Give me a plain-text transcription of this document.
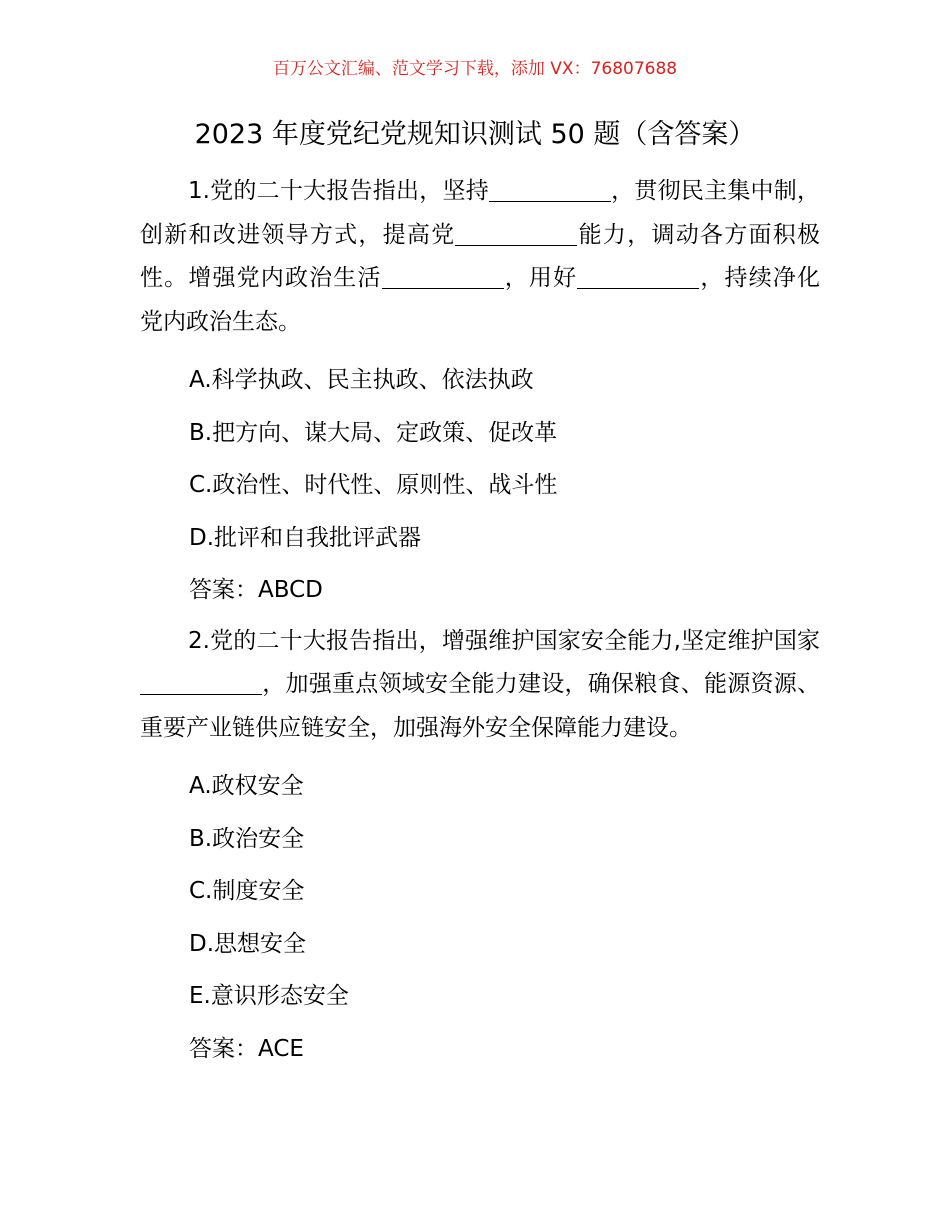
百万公文汇编、范文学习下载，添加 VX：76807688
2023 年度党纪党规知识测试 50 题（含答案）

1.党的二十大报告指出，坚持	，贯彻民主集中制，创新和改进领导方式，提高党	能力，调动各方面积极性。增强党内政治生活	，用好	，持续净化党内政治生态。

A.科学执政、民主执政、依法执政
B.把方向、谋大局、定政策、促改革
C.政治性、时代性、原则性、战斗性
D.批评和自我批评武器
答案：ABCD

2.党的二十大报告指出，增强维护国家安全能力,坚定维护国家，加强重点领域安全能力建设，确保粮食、能源资源、重要产业链供应链安全，加强海外安全保障能力建设。

A.政权安全
B.政治安全
C.制度安全
D.思想安全
E.意识形态安全
答案：ACE
